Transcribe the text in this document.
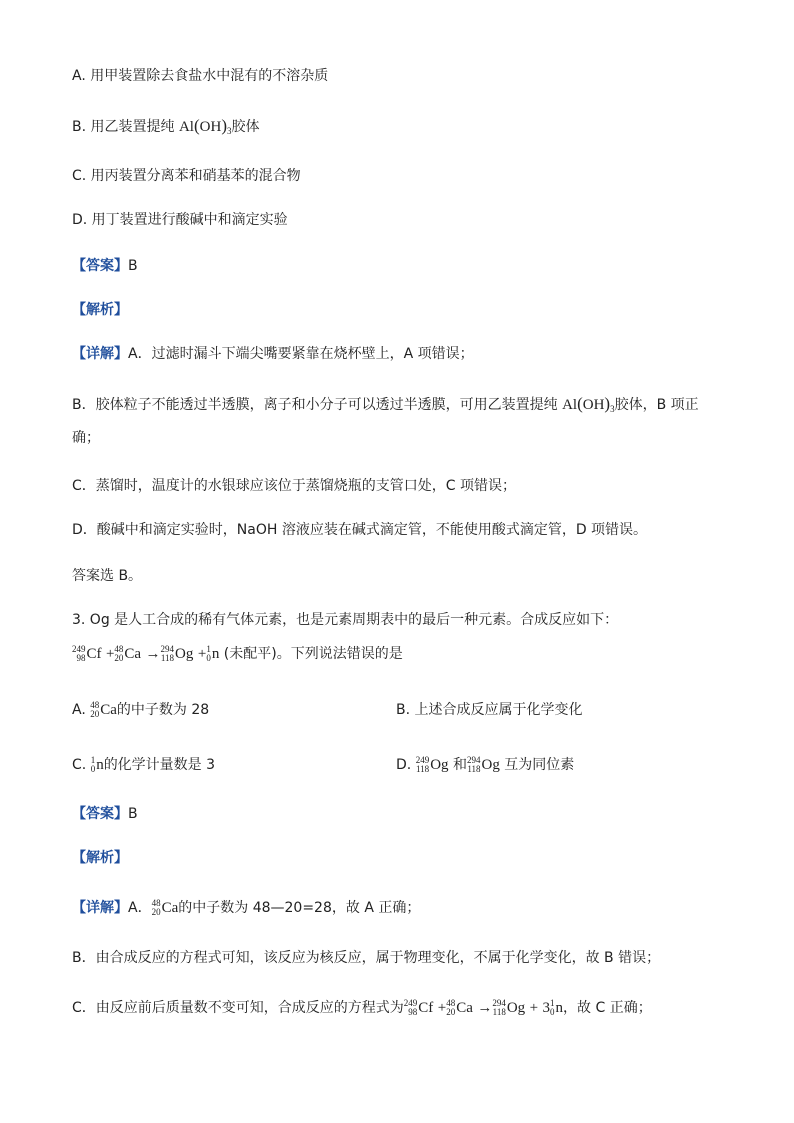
A. 用甲装置除去食盐水中混有的不溶杂质
B. 用乙装置提纯 $Al(OH)_3$胶体
C. 用丙装置分离苯和硝基苯的混合物
D. 用丁装置进行酸碱中和滴定实验
【答案】B
【解析】
【详解】A．过滤时漏斗下端尖嘴要紧靠在烧杯壁上，A 项错误；
B．胶体粒子不能透过半透膜，离子和小分子可以透过半透膜，可用乙装置提纯 $Al(OH)_3$胶体，B 项正
确；
C．蒸馏时，温度计的水银球应该位于蒸馏烧瓶的支管口处，C 项错误；
D．酸碱中和滴定实验时，NaOH 溶液应装在碱式滴定管，不能使用酸式滴定管，D 项错误。
答案选 B。
3. Og 是人工合成的稀有气体元素，也是元素周期表中的最后一种元素。合成反应如下：
249
98 Cf + 48
20 Ca → 294
118 Og + 1
0 n (未配平)。下列说法错误的是
A. 48
20 Ca的中子数为 28	B. 上述合成反应属于化学变化
C. 1
0 n的化学计量数是 3	D. 249
118 Og 和 294
118 Og 互为同位素
【答案】B
【解析】
【详解】A． 48
20 Ca的中子数为 48—20=28，故 A 正确；
B．由合成反应的方程式可知，该反应为核反应，属于物理变化，不属于化学变化，故 B 错误；
C．由反应前后质量数不变可知，合成反应的方程式为 249
98 Cf + 48
20 Ca → 294
118 Og + 3 1
0 n，故 C 正确；
